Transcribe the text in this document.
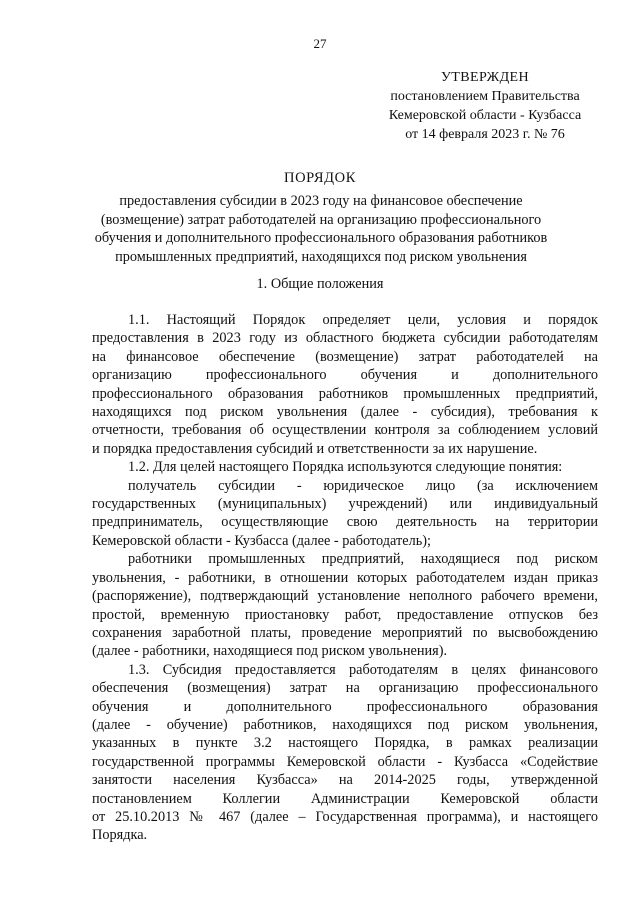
27
УТВЕРЖДЕН
постановлением Правительства
Кемеровской области - Кузбасса
от 14 февраля 2023 г. № 76
ПОРЯДОК
предоставления субсидии в 2023 году на финансовое обеспечение
(возмещение) затрат работодателей на организацию профессионального
обучения и дополнительного профессионального образования работников
промышленных предприятий, находящихся под риском увольнения
1. Общие положения
1.1. Настоящий Порядок определяет цели, условия и порядок
предоставления в 2023 году из областного бюджета субсидии работодателям
на финансовое обеспечение (возмещение) затрат работодателей на
организацию профессионального обучения и дополнительного
профессионального образования работников промышленных предприятий,
находящихся под риском увольнения (далее - субсидия), требования к
отчетности, требования об осуществлении контроля за соблюдением условий
и порядка предоставления субсидий и ответственности за их нарушение.
1.2. Для целей настоящего Порядка используются следующие понятия:
получатель субсидии - юридическое лицо (за исключением
государственных (муниципальных) учреждений) или индивидуальный
предприниматель, осуществляющие свою деятельность на территории
Кемеровской области - Кузбасса (далее - работодатель);
работники промышленных предприятий, находящиеся под риском
увольнения, - работники, в отношении которых работодателем издан приказ
(распоряжение), подтверждающий установление неполного рабочего времени,
простой, временную приостановку работ, предоставление отпусков без
сохранения заработной платы, проведение мероприятий по высвобождению
(далее - работники, находящиеся под риском увольнения).
1.3. Субсидия предоставляется работодателям в целях финансового
обеспечения (возмещения) затрат на организацию профессионального
обучения и дополнительного профессионального образования
(далее - обучение) работников, находящихся под риском увольнения,
указанных в пункте 3.2 настоящего Порядка, в рамках реализации
государственной программы Кемеровской области - Кузбасса «Содействие
занятости населения Кузбасса» на 2014-2025 годы, утвержденной
постановлением Коллегии Администрации Кемеровской области
от 25.10.2013 № 467 (далее – Государственная программа), и настоящего
Порядка.
